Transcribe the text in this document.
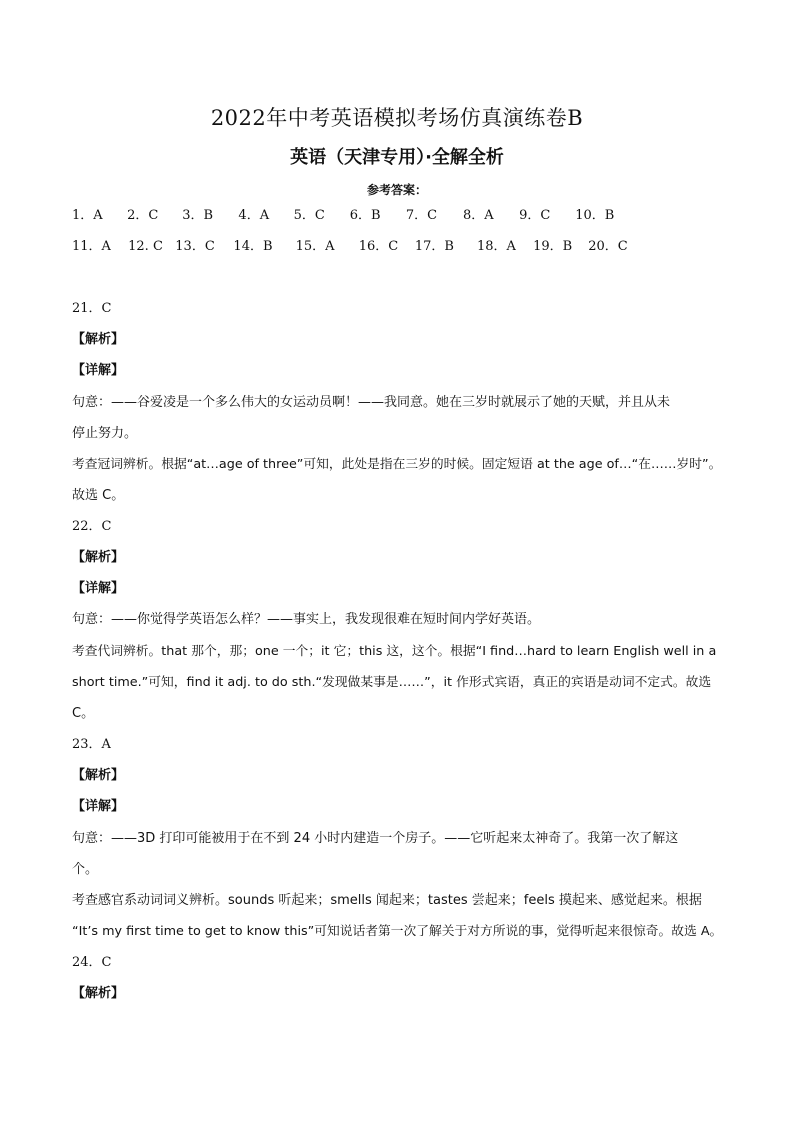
2022年中考英语模拟考场仿真演练卷B
英语（天津专用）·全解全析
参考答案：
1．A 2．C 3．B 4．A 5．C 6．B 7．C 8．A 9．C 10．B
11．A 12. C 13．C 14．B 15．A 16．C 17．B 18．A 19．B 20．C
21．C
【解析】
【详解】
句意：——谷爱凌是一个多么伟大的女运动员啊！——我同意。她在三岁时就展示了她的天赋，并且从未
停止努力。
考查冠词辨析。根据“at…age of three”可知，此处是指在三岁的时候。固定短语 at the age of…“在……岁时”。
故选 C。
22．C
【解析】
【详解】
句意：——你觉得学英语怎么样？——事实上，我发现很难在短时间内学好英语。
考查代词辨析。that 那个，那；one 一个；it 它；this 这，这个。根据“I find…hard to learn English well in a
short time.”可知，find it adj. to do sth.“发现做某事是……”，it 作形式宾语，真正的宾语是动词不定式。故选
C。
23．A
【解析】
【详解】
句意：——3D 打印可能被用于在不到 24 小时内建造一个房子。——它听起来太神奇了。我第一次了解这
个。
考查感官系动词词义辨析。sounds 听起来；smells 闻起来；tastes 尝起来；feels 摸起来、感觉起来。根据
“It’s my first time to get to know this”可知说话者第一次了解关于对方所说的事，觉得听起来很惊奇。故选 A。
24．C
【解析】
